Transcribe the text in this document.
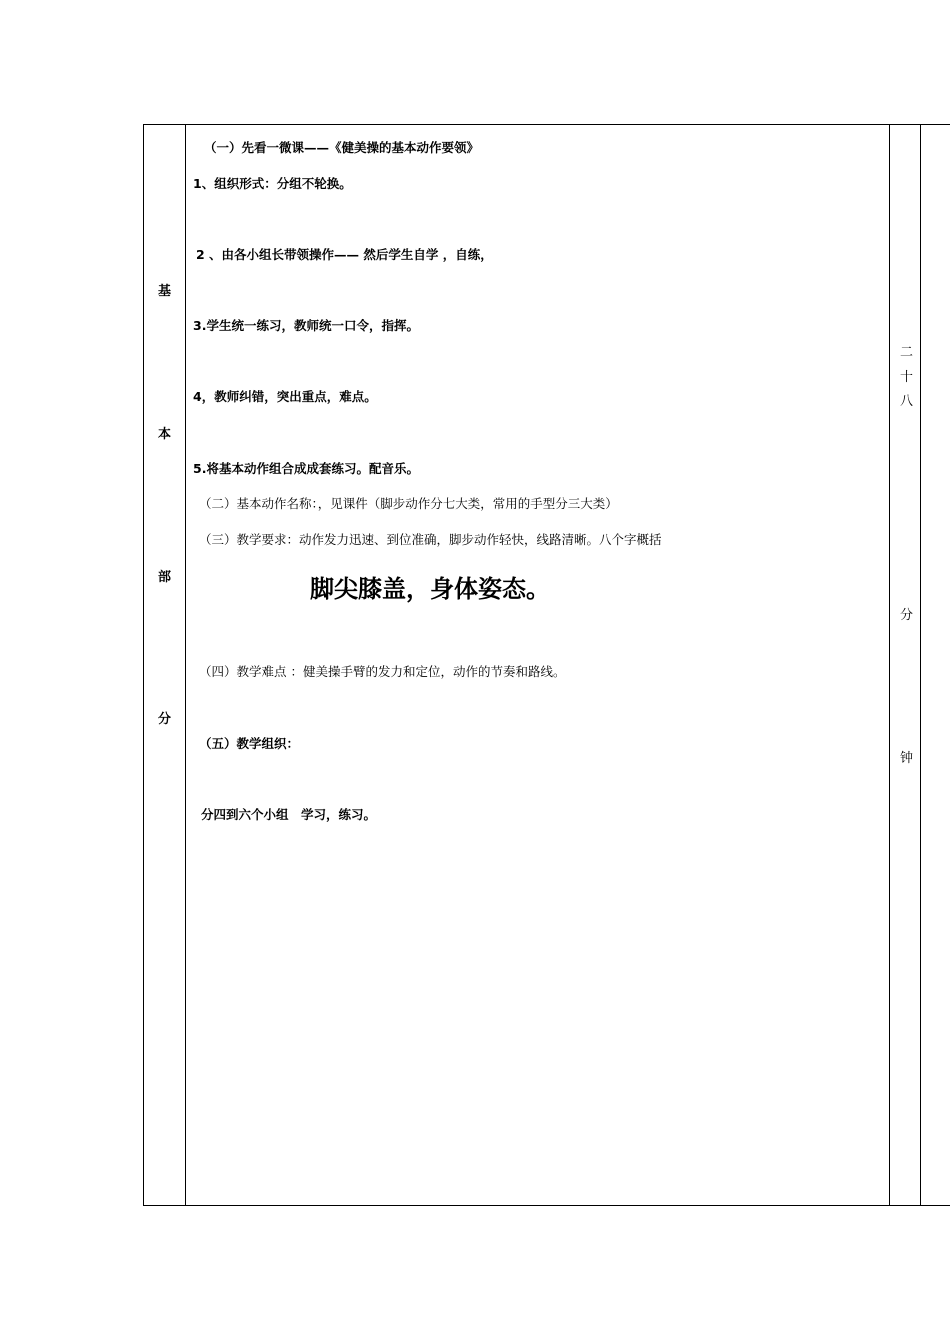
基
本
部
分
二
十
八
分
钟
（一）先看一微课——《健美操的基本动作要领》
1、组织形式：分组不轮换。
2 、由各小组长带领操作—— 然后学生自学 ，自练，
3.学生统一练习，教师统一口令，指挥。
4，教师纠错，突出重点，难点。
5.将基本动作组合成成套练习。配音乐。
（二）基本动作名称：，见课件（脚步动作分七大类，常用的手型分三大类）
（三）教学要求：动作发力迅速、到位准确，脚步动作轻快，线路清晰。八个字概括
脚尖膝盖，身体姿态。
（四）教学难点 ：健美操手臂的发力和定位，动作的节奏和路线。
（五）教学组织：
分四到六个小组　学习，练习。
